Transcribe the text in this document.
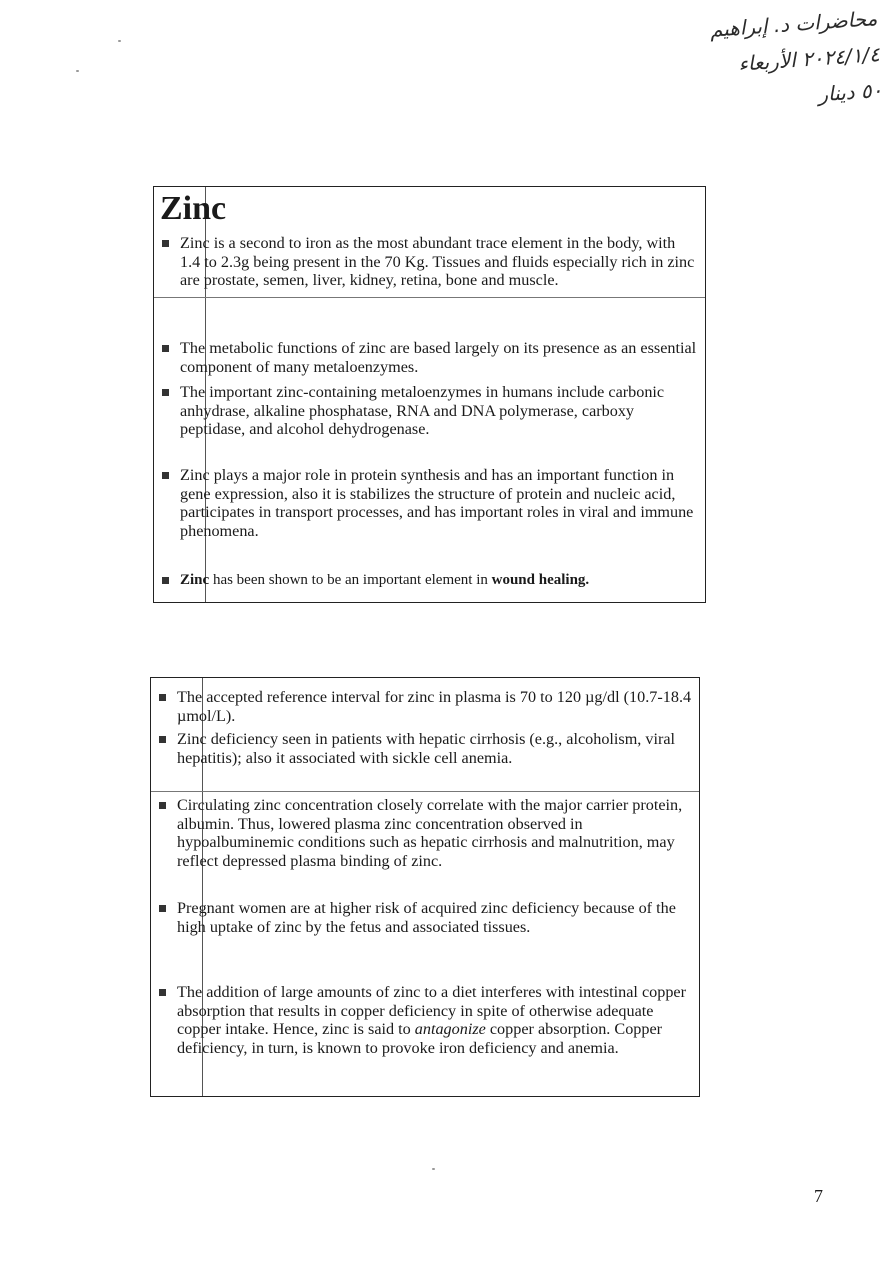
محاضرات د. إبراهيم
٢٠٢٤/١/٤ الأربعاء
٥٠ دينار
Zinc
Zinc is a second to iron as the most abundant trace element in the body, with 1.4 to 2.3g being present in the 70 Kg. Tissues and fluids especially rich in zinc are prostate, semen, liver, kidney, retina, bone and muscle.
The metabolic functions of zinc are based largely on its presence as an essential component of many metaloenzymes.
The important zinc-containing metaloenzymes in humans include carbonic anhydrase, alkaline phosphatase, RNA and DNA polymerase, carboxy peptidase, and alcohol dehydrogenase.
Zinc plays a major role in protein synthesis and has an important function in gene expression, also it is stabilizes the structure of protein and nucleic acid, participates in transport processes, and has important roles in viral and immune phenomena.
Zinc has been shown to be an important element in wound healing.
The accepted reference interval for zinc in plasma is 70 to 120 µg/dl (10.7-18.4 µmol/L).
Zinc deficiency seen in patients with hepatic cirrhosis (e.g., alcoholism, viral hepatitis); also it associated with sickle cell anemia.
Circulating zinc concentration closely correlate with the major carrier protein, albumin. Thus, lowered plasma zinc concentration observed in hypoalbuminemic conditions such as hepatic cirrhosis and malnutrition, may reflect depressed plasma binding of zinc.
Pregnant women are at higher risk of acquired zinc deficiency because of the high uptake of zinc by the fetus and associated tissues.
The addition of large amounts of zinc to a diet interferes with intestinal copper absorption that results in copper deficiency in spite of otherwise adequate copper intake. Hence, zinc is said to antagonize copper absorption. Copper deficiency, in turn, is known to provoke iron deficiency and anemia.
7
